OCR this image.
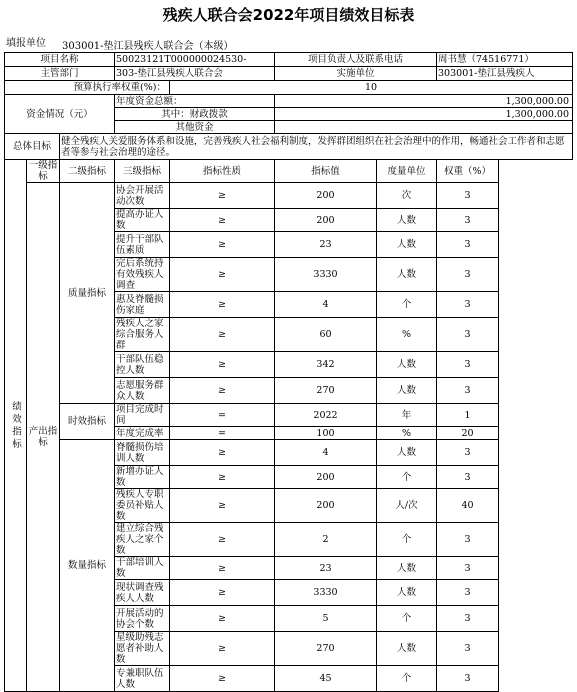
残疾人联合会2022年项目绩效目标表
填报单位 303001-垫江县残疾人联合会（本级）
项目名称			50023121T000000024530-		项目负责人及联系电话		周书慧（74516771）
主管部门			303-垫江县残疾人联合会		实施单位		303001-垫江县残疾人
预算执行率权重(%)：				10			
资金情况（元）			年度资金总额：		1,300,000.00		
			其中：财政拨款		1,300,000.00		
			其他资金				
总体目标		健全残疾人关爱服务体系和设施，完善残疾人社会福利制度，发挥群团组织在社会治理中的作用，畅通社会工作者和志愿者等参与社会治理的途径。					
绩效指标	一级指标	二级指标	三级指标	指标性质	指标值	度量单位	权重（%）
	产出指标	质量指标	协会开展活动次数	≥	200	次	3
			提高办证人数	≥	200	人数	3
			提升干部队伍素质	≥	23	人数	3
			完后系统持有效残疾人调查	≥	3330	人数	3
			惠及脊髓损伤家庭	≥	4	个	3
			残疾人之家综合服务人群	≥	60	%	3
			干部队伍稳控人数	≥	342	人数	3
			志愿服务群众人数	≥	270	人数	3
		时效指标	项目完成时间	=	2022	年	1
			年度完成率	=	100	%	20
		数量指标	脊髓损伤培训人数	≥	4	人数	3
			新增办证人数	≥	200	个	3
			残疾人专职委员补贴人数	≥	200	人/次	40
			建立综合残疾人之家个数	≥	2	个	3
			干部培训人数	≥	23	人数	3
			现状调查残疾人人数	≥	3330	人数	3
			开展活动的协会个数	≥	5	个	3
			星级助残志愿者补助人数	≥	270	人数	3
			专兼职队伍人数	≥	45	个	3
